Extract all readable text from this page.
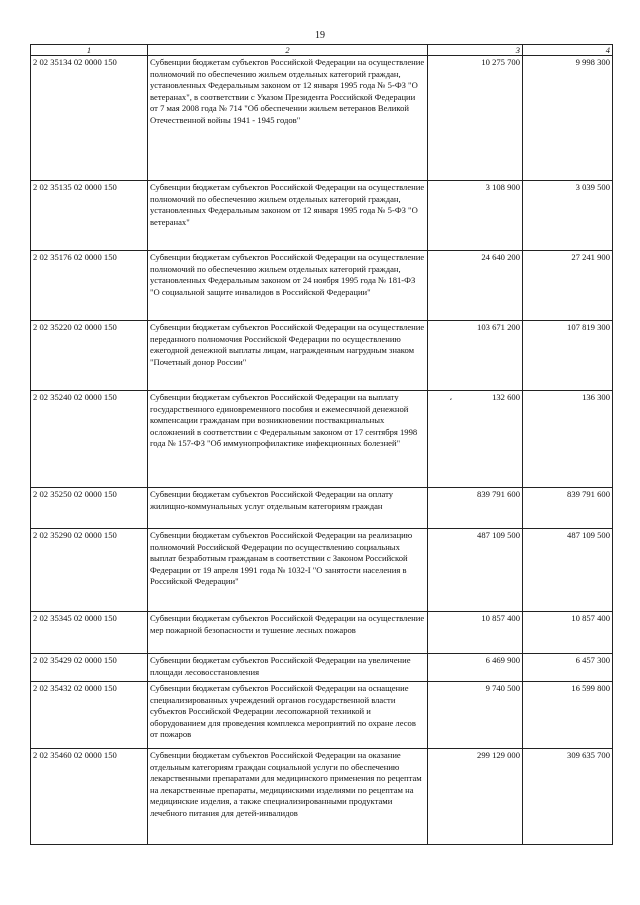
19
1	2	3	4
2 02 35134 02 0000 150	Субвенции бюджетам субъектов Российской Федерации на осуществление полномочий по обеспечению жильем отдельных категорий граждан, установленных Федеральным законом от 12 января 1995 года № 5-ФЗ "О ветеранах", в соответствии с Указом Президента Российской Федерации от 7 мая 2008 года № 714 "Об обеспечении жильем ветеранов Великой Отечественной войны 1941 - 1945 годов"	10 275 700	9 998 300
2 02 35135 02 0000 150	Субвенции бюджетам субъектов Российской Федерации на осуществление полномочий по обеспечению жильем отдельных категорий граждан, установленных Федеральным законом от 12 января 1995 года № 5-ФЗ "О ветеранах"	3 108 900	3 039 500
2 02 35176 02 0000 150	Субвенции бюджетам субъектов Российской Федерации на осуществление полномочий по обеспечению жильем отдельных категорий граждан, установленных Федеральным законом от 24 ноября 1995 года № 181-ФЗ "О социальной защите инвалидов в Российской Федерации"	24 640 200	27 241 900
2 02 35220 02 0000 150	Субвенции бюджетам субъектов Российской Федерации на осуществление переданного полномочия Российской Федерации по осуществлению ежегодной денежной выплаты лицам, награжденным нагрудным знаком "Почетный донор России"	103 671 200	107 819 300
2 02 35240 02 0000 150	Субвенции бюджетам субъектов Российской Федерации на выплату государственного единовременного пособия и ежемесячной денежной компенсации гражданам при возникновении поствакцинальных осложнений в соответствии с Федеральным законом от 17 сентября 1998 года № 157-ФЗ "Об иммунопрофилактике инфекционных болезней"	، 132 600	136 300
2 02 35250 02 0000 150	Субвенции бюджетам субъектов Российской Федерации на оплату жилищно-коммунальных услуг отдельным категориям граждан	839 791 600	839 791 600
2 02 35290 02 0000 150	Субвенции бюджетам субъектов Российской Федерации на реализацию полномочий Российской Федерации по осуществлению социальных выплат безработным гражданам в соответствии с Законом Российской Федерации от 19 апреля 1991 года № 1032-I "О занятости населения в Российской Федерации"	487 109 500	487 109 500
2 02 35345 02 0000 150	Субвенции бюджетам субъектов Российской Федерации на осуществление мер пожарной безопасности и тушение лесных пожаров	10 857 400	10 857 400
2 02 35429 02 0000 150	Субвенции бюджетам субъектов Российской Федерации на увеличение площади лесовосстановления	6 469 900	6 457 300
2 02 35432 02 0000 150	Субвенции бюджетам субъектов Российской Федерации на оснащение специализированных учреждений органов государственной власти субъектов Российской Федерации лесопожарной техникой и оборудованием для проведения комплекса мероприятий по охране лесов от пожаров	9 740 500	16 599 800
2 02 35460 02 0000 150	Субвенции бюджетам субъектов Российской Федерации на оказание отдельным категориям граждан социальной услуги по обеспечению лекарственными препаратами для медицинского применения по рецептам на лекарственные препараты, медицинскими изделиями по рецептам на медицинские изделия, а также специализированными продуктами лечебного питания для детей-инвалидов	299 129 000	309 635 700
